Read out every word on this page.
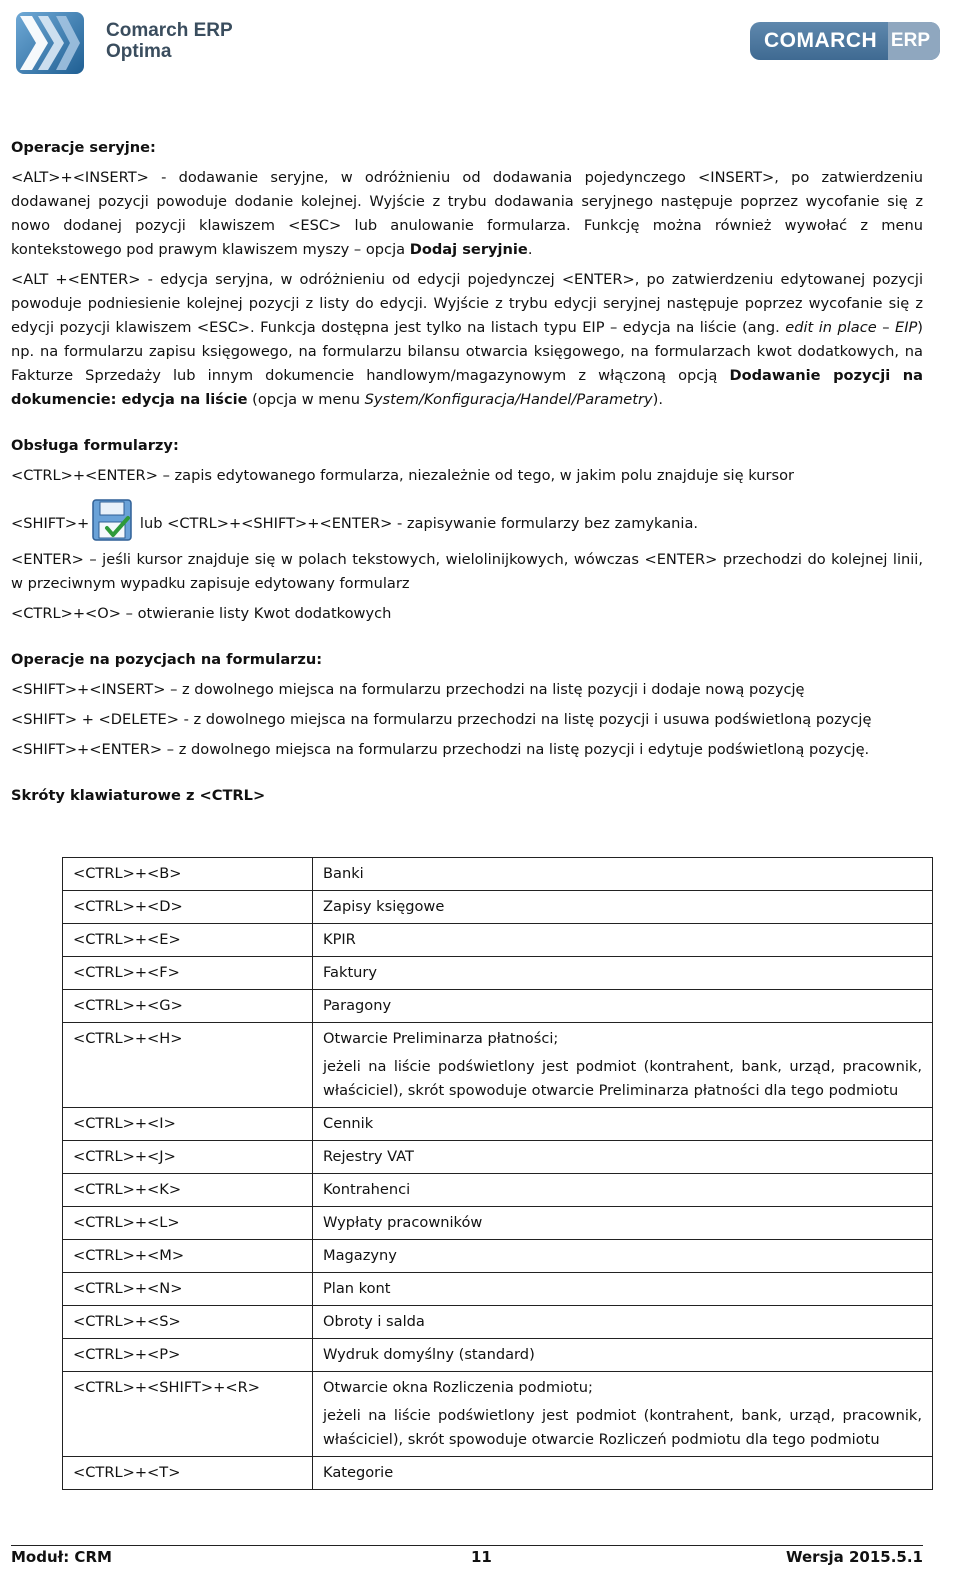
Comarch ERP
Optima	COMARCH ERP

Operacje seryjne:

<ALT>+<INSERT> - dodawanie seryjne, w odróżnieniu od dodawania pojedynczego <INSERT>, po zatwierdzeniu dodawanej pozycji powoduje dodanie kolejnej. Wyjście z trybu dodawania seryjnego następuje poprzez wycofanie się z nowo dodanej pozycji klawiszem <ESC> lub anulowanie formularza. Funkcję można również wywołać z menu kontekstowego pod prawym klawiszem myszy – opcja Dodaj seryjnie.

<ALT +<ENTER> - edycja seryjna, w odróżnieniu od edycji pojedynczej <ENTER>, po zatwierdzeniu edytowanej pozycji powoduje podniesienie kolejnej pozycji z listy do edycji. Wyjście z trybu edycji seryjnej następuje poprzez wycofanie się z edycji pozycji klawiszem <ESC>. Funkcja dostępna jest tylko na listach typu EIP – edycja na liście (ang. edit in place – EIP) np. na formularzu zapisu księgowego, na formularzu bilansu otwarcia księgowego, na formularzach kwot dodatkowych, na Fakturze Sprzedaży lub innym dokumencie handlowym/magazynowym z włączoną opcją Dodawanie pozycji na dokumencie: edycja na liście (opcja w menu System/Konfiguracja/Handel/Parametry).

Obsługa formularzy:

<CTRL>+<ENTER> – zapis edytowanego formularza, niezależnie od tego, w jakim polu znajduje się kursor

<SHIFT>+	lub <CTRL>+<SHIFT>+<ENTER> - zapisywanie formularzy bez zamykania.

<ENTER> – jeśli kursor znajduje się w polach tekstowych, wielolinijkowych, wówczas <ENTER> przechodzi do kolejnej linii, w przeciwnym wypadku zapisuje edytowany formularz

<CTRL>+<O> – otwieranie listy Kwot dodatkowych

Operacje na pozycjach na formularzu:

<SHIFT>+<INSERT> – z dowolnego miejsca na formularzu przechodzi na listę pozycji i dodaje nową pozycję

<SHIFT> + <DELETE> - z dowolnego miejsca na formularzu przechodzi na listę pozycji i usuwa podświetloną pozycję

<SHIFT>+<ENTER> – z dowolnego miejsca na formularzu przechodzi na listę pozycji i edytuje podświetloną pozycję.

Skróty klawiaturowe z <CTRL>

<CTRL>+<B>	Banki

<CTRL>+<D>	Zapisy księgowe

<CTRL>+<E>	KPIR

<CTRL>+<F>	Faktury

<CTRL>+<G>	Paragony

<CTRL>+<H>	Otwarcie Preliminarza płatności;
jeżeli na liście podświetlony jest podmiot (kontrahent, bank, urząd, pracownik, właściciel), skrót spowoduje otwarcie Preliminarza płatności dla tego podmiotu

<CTRL>+<I>	Cennik

<CTRL>+<J>	Rejestry VAT

<CTRL>+<K>	Kontrahenci

<CTRL>+<L>	Wypłaty pracowników

<CTRL>+<M>	Magazyny

<CTRL>+<N>	Plan kont

<CTRL>+<S>	Obroty i salda

<CTRL>+<P>	Wydruk domyślny (standard)

<CTRL>+<SHIFT>+<R>	Otwarcie okna Rozliczenia podmiotu;
jeżeli na liście podświetlony jest podmiot (kontrahent, bank, urząd, pracownik, właściciel), skrót spowoduje otwarcie Rozliczeń podmiotu dla tego podmiotu

<CTRL>+<T>	Kategorie
Moduł: CRM	11	Wersja 2015.5.1
